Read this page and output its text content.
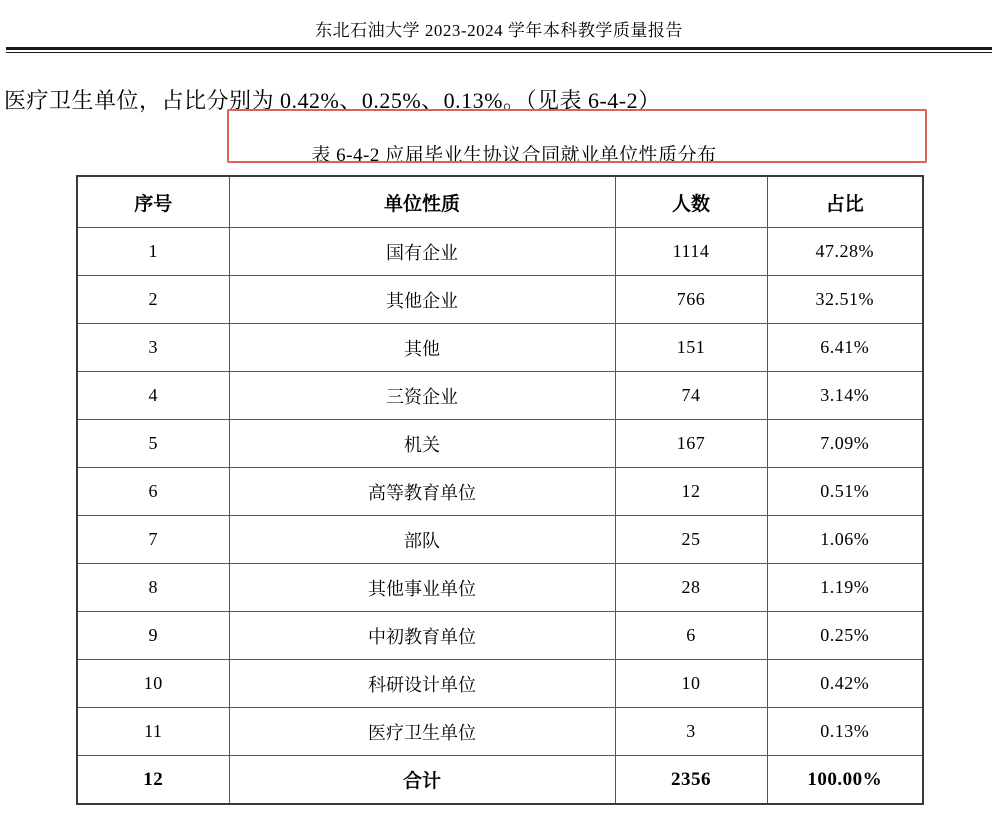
东北石油大学 2023-2024 学年本科教学质量报告

医疗卫生单位，占比分别为 0.42%、0.25%、0.13%。（见表 6-4-2）

表 6-4-2 应届毕业生协议合同就业单位性质分布
序号	单位性质	人数	占比
1	国有企业	1114	47.28%
2	其他企业	766	32.51%
3	其他	151	6.41%
4	三资企业	74	3.14%
5	机关	167	7.09%
6	高等教育单位	12	0.51%
7	部队	25	1.06%
8	其他事业单位	28	1.19%
9	中初教育单位	6	0.25%
10	科研设计单位	10	0.42%
11	医疗卫生单位	3	0.13%
12	合计	2356	100.00%
